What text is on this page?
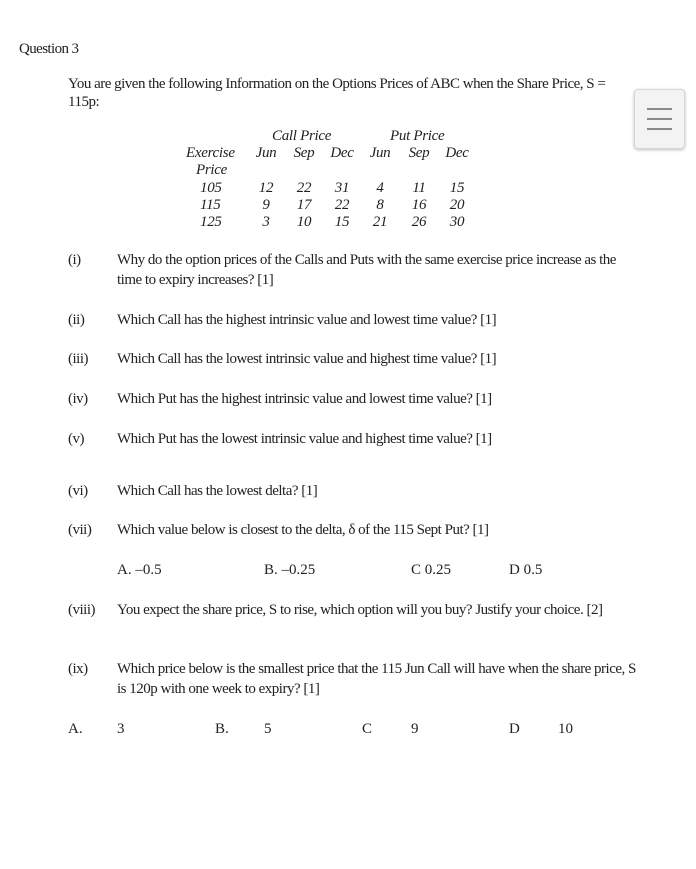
Question 3
You are given the following Information on the Options Prices of ABC when the Share Price, S = 115p:
Call Price	Put Price
Exercise
Price
Jun	Sep	Dec	Jun	Sep	Dec
105	12	22	31	4	11	15
115	9	17	22	8	16	20
125	3	10	15	21	26	30
(i) Why do the option prices of the Calls and Puts with the same exercise price increase as the time to expiry increases? [1]
(ii) Which Call has the highest intrinsic value and lowest time value? [1]
(iii) Which Call has the lowest intrinsic value and highest time value? [1]
(iv) Which Put has the highest intrinsic value and lowest time value? [1]
(v) Which Put has the lowest intrinsic value and highest time value? [1]
(vi) Which Call has the lowest delta? [1]
(vii) Which value below is closest to the delta, δ of the 115 Sept Put? [1]
A. –0.5	B. –0.25	C 0.25	D 0.5
(viii) You expect the share price, S to rise, which option will you buy? Justify your choice. [2]
(ix) Which price below is the smallest price that the 115 Jun Call will have when the share price, S is 120p with one week to expiry? [1]
A. 3	B. 5	C	9	D	10
